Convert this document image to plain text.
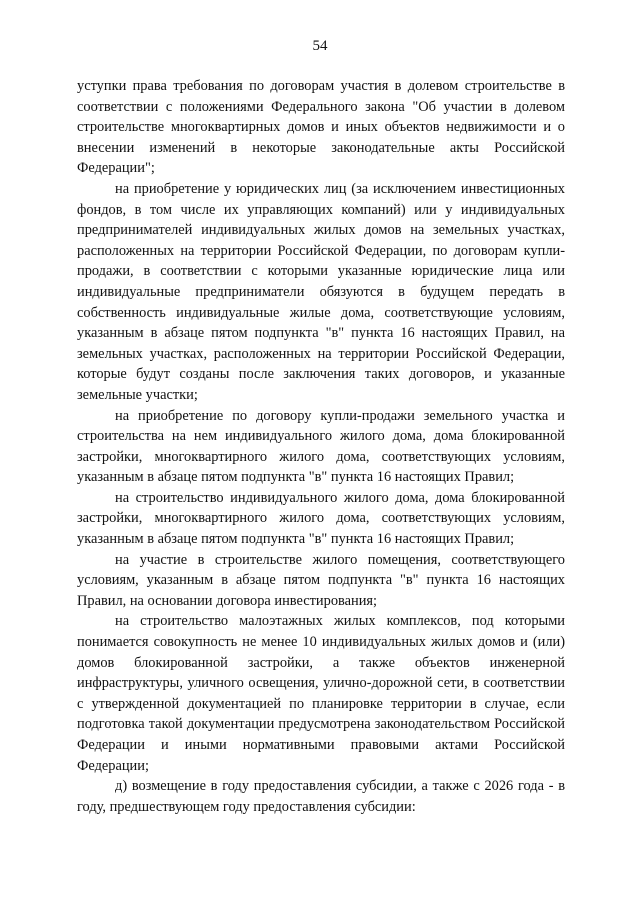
54

уступки права требования по договорам участия в долевом строительстве в соответствии с положениями Федерального закона "Об участии в долевом строительстве многоквартирных домов и иных объектов недвижимости и о внесении изменений в некоторые законодательные акты Российской Федерации";

на приобретение у юридических лиц (за исключением инвестиционных фондов, в том числе их управляющих компаний) или у индивидуальных предпринимателей индивидуальных жилых домов на земельных участках, расположенных на территории Российской Федерации, по договорам купли-продажи, в соответствии с которыми указанные юридические лица или индивидуальные предприниматели обязуются в будущем передать в собственность индивидуальные жилые дома, соответствующие условиям, указанным в абзаце пятом подпункта "в" пункта 16 настоящих Правил, на земельных участках, расположенных на территории Российской Федерации, которые будут созданы после заключения таких договоров, и указанные земельные участки;

на приобретение по договору купли-продажи земельного участка и строительства на нем индивидуального жилого дома, дома блокированной застройки, многоквартирного жилого дома, соответствующих условиям, указанным в абзаце пятом подпункта "в" пункта 16 настоящих Правил;

на строительство индивидуального жилого дома, дома блокированной застройки, многоквартирного жилого дома, соответствующих условиям, указанным в абзаце пятом подпункта "в" пункта 16 настоящих Правил;

на участие в строительстве жилого помещения, соответствующего условиям, указанным в абзаце пятом подпункта "в" пункта 16 настоящих Правил, на основании договора инвестирования;

на строительство малоэтажных жилых комплексов, под которыми понимается совокупность не менее 10 индивидуальных жилых домов и (или) домов блокированной застройки, а также объектов инженерной инфраструктуры, уличного освещения, улично-дорожной сети, в соответствии с утвержденной документацией по планировке территории в случае, если подготовка такой документации предусмотрена законодательством Российской Федерации и иными нормативными правовыми актами Российской Федерации;

д) возмещение в году предоставления субсидии, а также с 2026 года - в году, предшествующем году предоставления субсидии:
